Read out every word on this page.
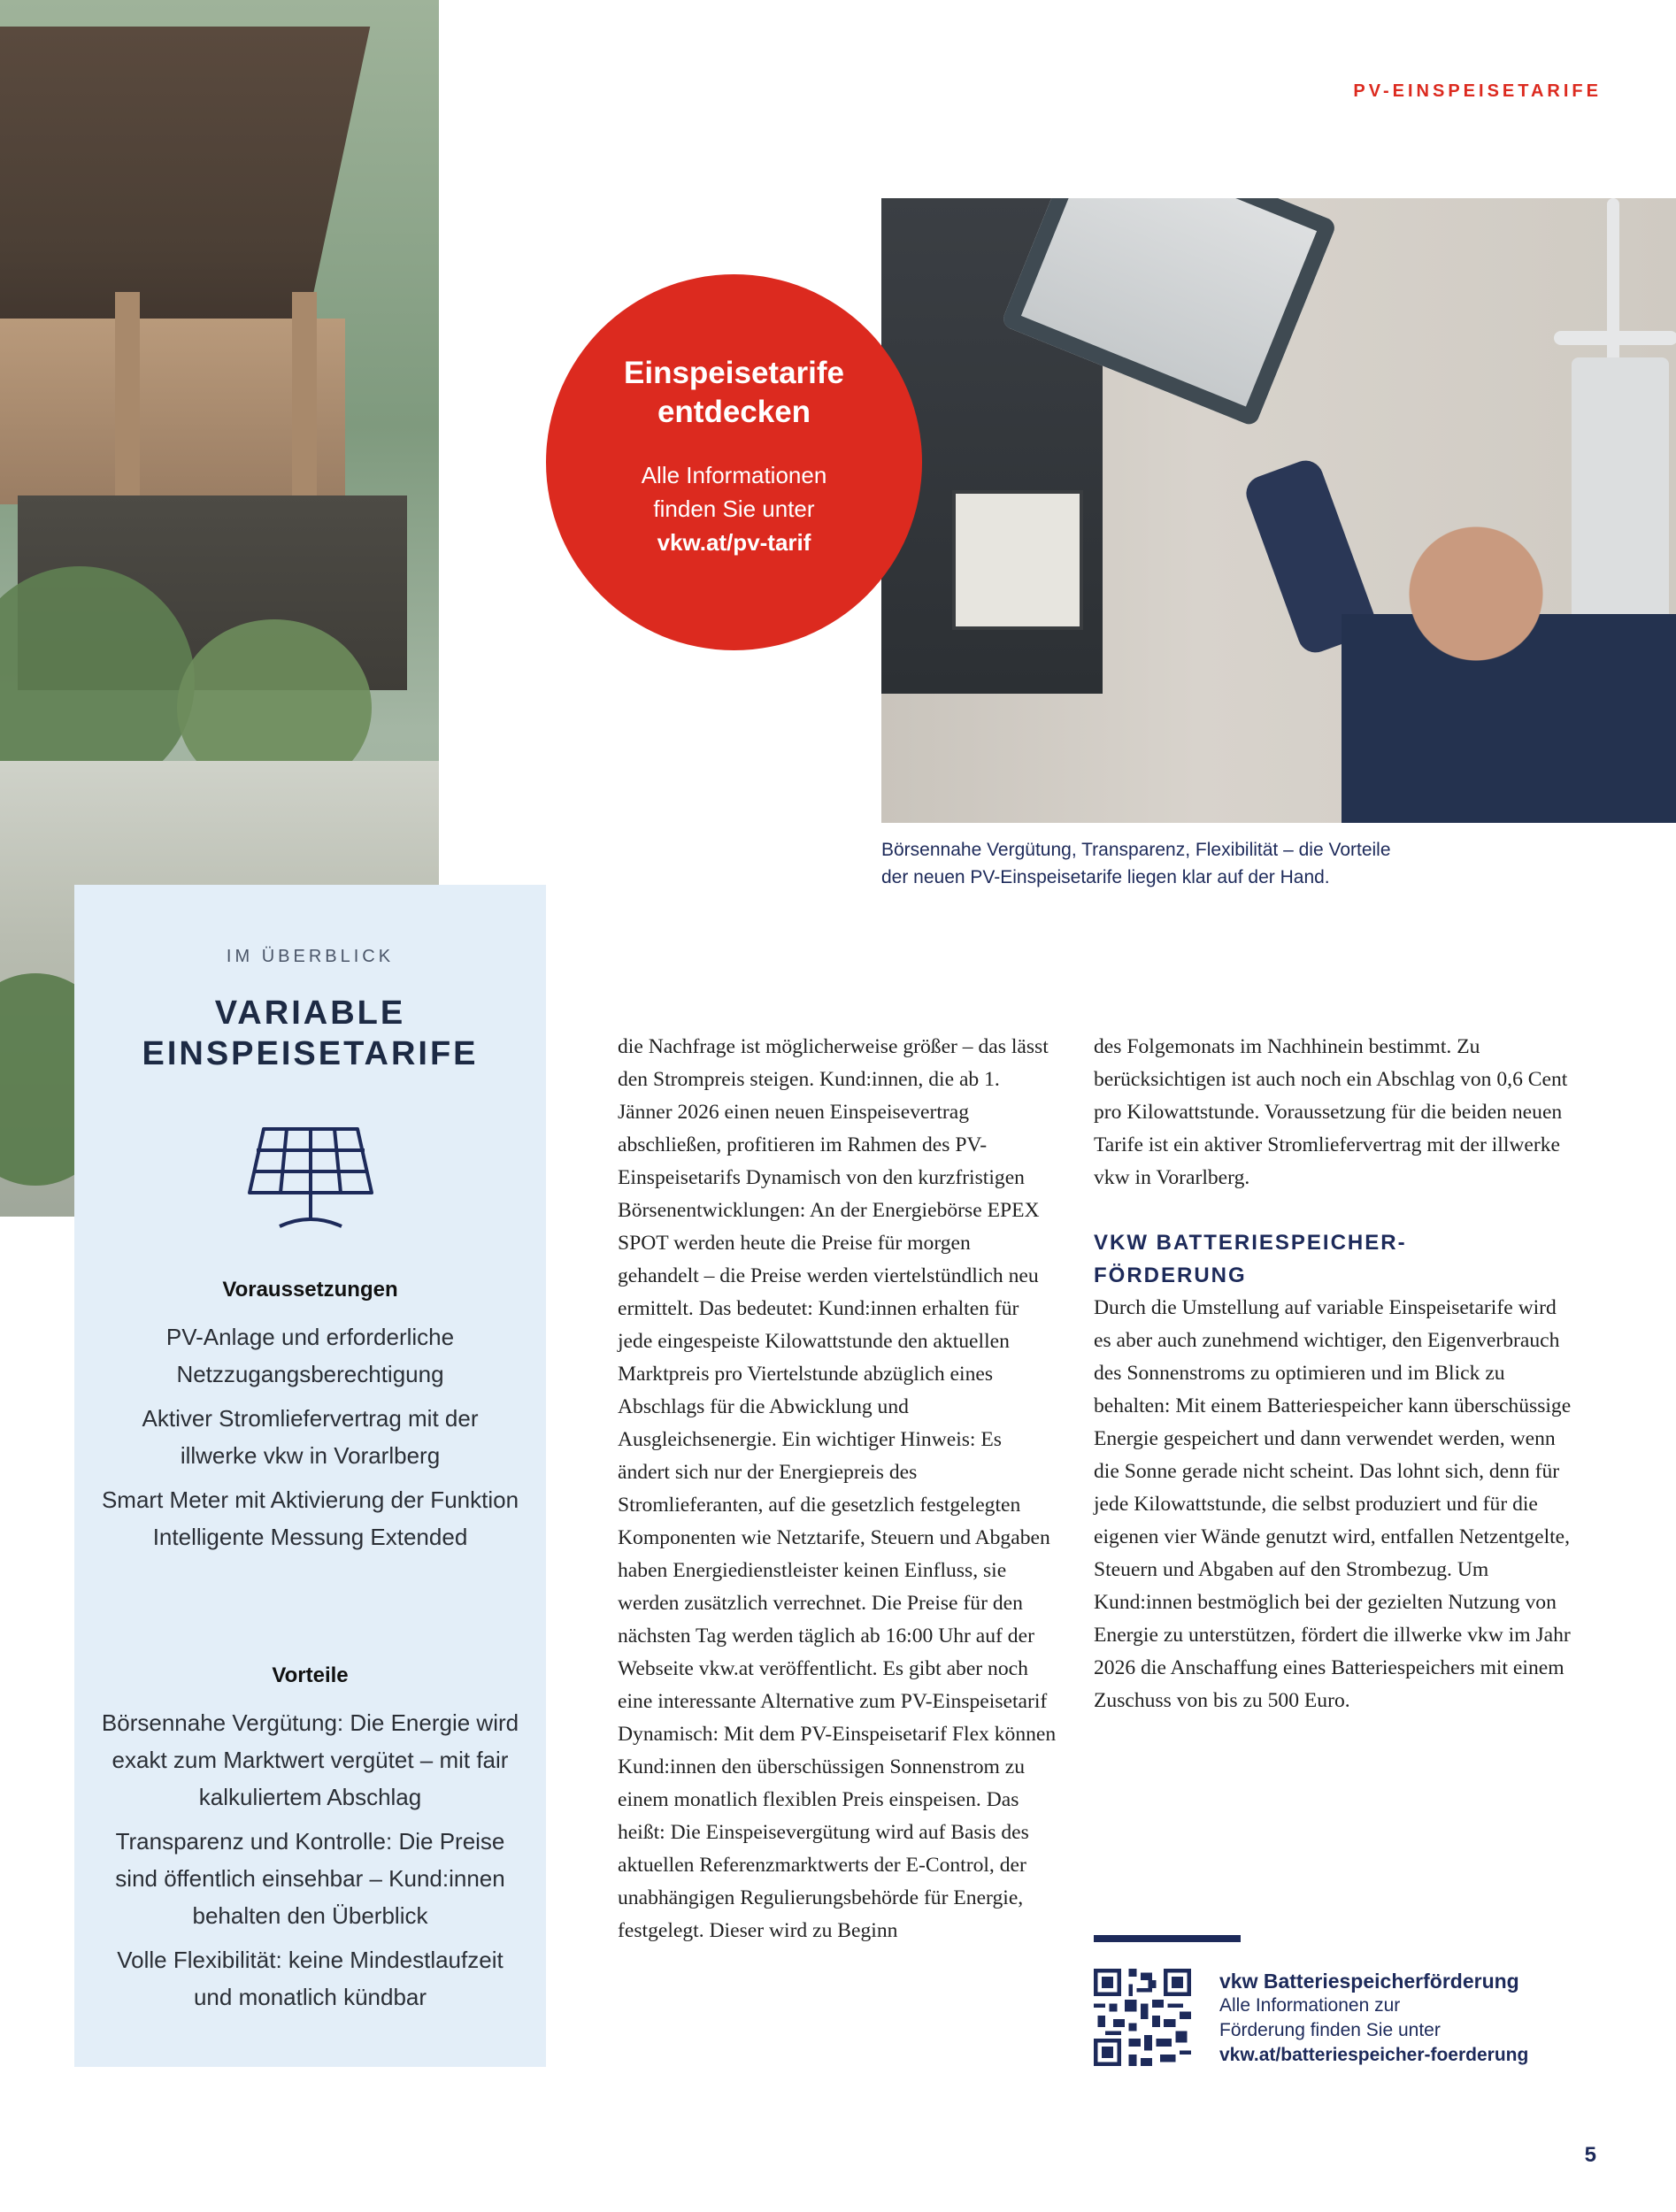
Einspeisetarife
entdecken
Alle Informationen
finden Sie unter
vkw.at/pv-tarif
PV-EINSPEISETARIFE
Börsennahe Vergütung, Transparenz, Flexibilität – die Vorteile
der neuen PV-Einspeisetarife liegen klar auf der Hand.
IM ÜBERBLICK
VARIABLE
EINSPEISETARIFE
Voraussetzungen
PV-Anlage und erforderliche Netzzugangsberechtigung
Aktiver Stromliefervertrag mit der illwerke vkw in Vorarlberg
Smart Meter mit Aktivierung der Funktion Intelligente Messung Extended
Vorteile
Börsennahe Vergütung: Die Energie wird exakt zum Marktwert vergütet – mit fair kalkuliertem Abschlag
Transparenz und Kontrolle: Die Preise sind öffentlich einsehbar – Kund:innen behalten den Überblick
Volle Flexibilität: keine Mindestlaufzeit und monatlich kündbar

die Nachfrage ist möglicherweise größer – das lässt den Strompreis steigen. Kund:innen, die ab 1. Jänner 2026 einen neuen Einspeisevertrag abschließen, profitieren im Rahmen des PV-Einspeisetarifs Dynamisch von den kurzfristigen Börsenentwicklungen: An der Energiebörse EPEX SPOT werden heute die Preise für morgen gehandelt – die Preise werden viertelstündlich neu ermittelt. Das bedeutet: Kund:innen erhalten für jede eingespeiste Kilowattstunde den aktuellen Marktpreis pro Viertelstunde abzüglich eines Abschlags für die Abwicklung und Ausgleichsenergie. Ein wichtiger Hinweis: Es ändert sich nur der Energiepreis des Stromlieferanten, auf die gesetzlich festgelegten Komponenten wie Netztarife, Steuern und Abgaben haben Energiedienstleister keinen Einfluss, sie werden zusätzlich verrechnet. Die Preise für den nächsten Tag werden täglich ab 16:00 Uhr auf der Webseite vkw.at veröffentlicht. Es gibt aber noch eine interessante Alternative zum PV-Einspeisetarif Dynamisch: Mit dem PV-Einspeisetarif Flex können Kund:innen den überschüssigen Sonnenstrom zu einem monatlich flexiblen Preis einspeisen. Das heißt: Die Einspeisevergütung wird auf Basis des aktuellen Referenzmarktwerts der E-Control, der unabhängigen Regulierungsbehörde für Energie, festgelegt. Dieser wird zu Beginn

des Folgemonats im Nachhinein bestimmt. Zu berücksichtigen ist auch noch ein Abschlag von 0,6 Cent pro Kilowattstunde. Voraussetzung für die beiden neuen Tarife ist ein aktiver Stromliefervertrag mit der illwerke vkw in Vorarlberg.

VKW BATTERIESPEICHER-
FÖRDERUNG

Durch die Umstellung auf variable Einspeisetarife wird es aber auch zunehmend wichtiger, den Eigenverbrauch des Sonnenstroms zu optimieren und im Blick zu behalten: Mit einem Batteriespeicher kann überschüssige Energie gespeichert und dann verwendet werden, wenn die Sonne gerade nicht scheint. Das lohnt sich, denn für jede Kilowattstunde, die selbst produziert und für die eigenen vier Wände genutzt wird, entfallen Netzentgelte, Steuern und Abgaben auf den Strombezug. Um Kund:innen bestmöglich bei der gezielten Nutzung von Energie zu unterstützen, fördert die illwerke vkw im Jahr 2026 die Anschaffung eines Batteriespeichers mit einem Zuschuss von bis zu 500 Euro.

vkw Batteriespeicherförderung
Alle Informationen zur
Förderung finden Sie unter
vkw.at/batteriespeicher-foerderung
5
